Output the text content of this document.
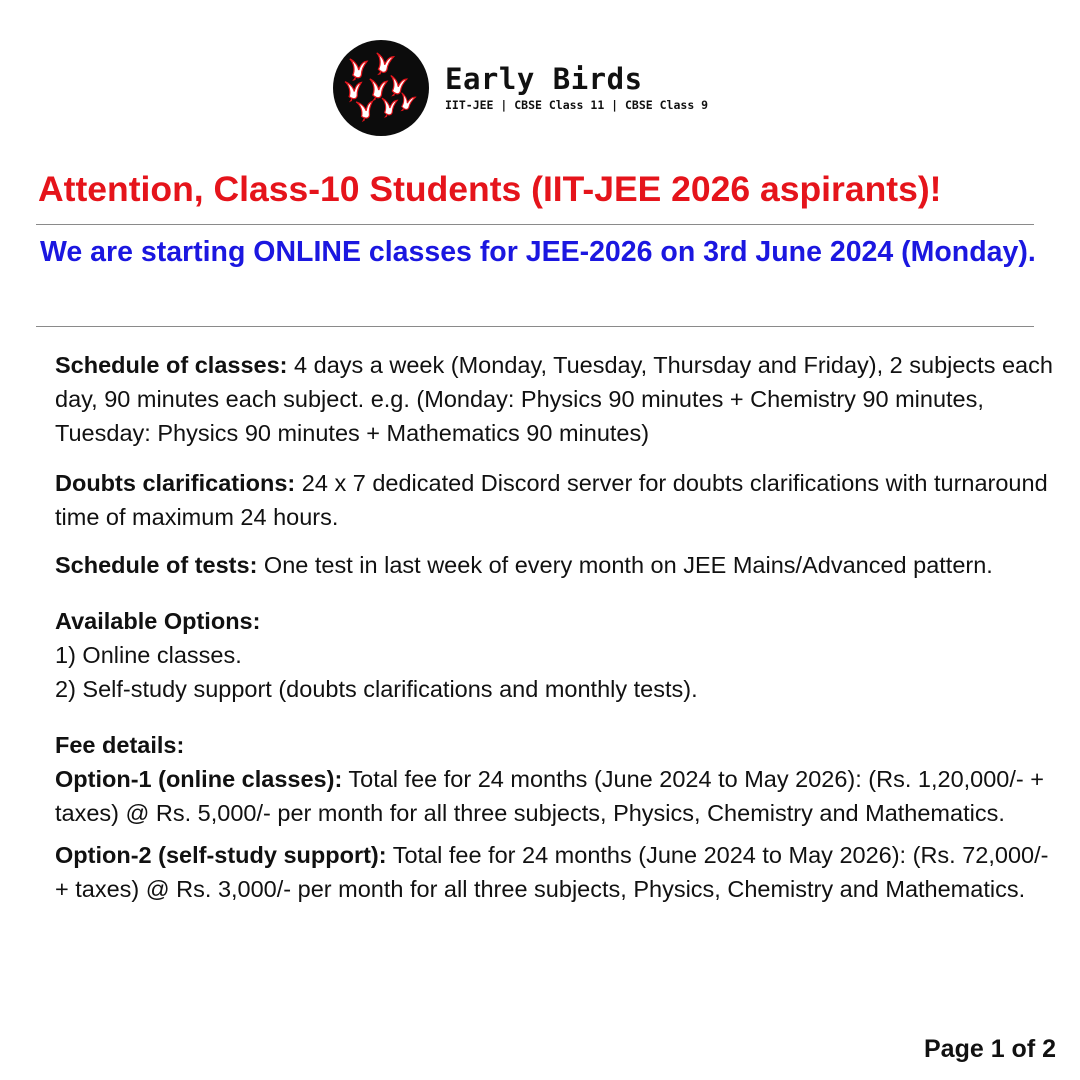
Early Birds
IIT-JEE | CBSE Class 11 | CBSE Class 9
Attention, Class-10 Students (IIT-JEE 2026 aspirants)!
We are starting ONLINE classes for JEE-2026 on 3rd June 2024 (Monday).

Schedule of classes: 4 days a week (Monday, Tuesday, Thursday and Friday), 2 subjects each day, 90 minutes each subject. e.g. (Monday: Physics 90 minutes + Chemistry 90 minutes, Tuesday: Physics 90 minutes + Mathematics 90 minutes)

Doubts clarifications: 24 x 7 dedicated Discord server for doubts clarifications with turnaround time of maximum 24 hours.

Schedule of tests: One test in last week of every month on JEE Mains/Advanced pattern.

Available Options:

1) Online classes.

2) Self-study support (doubts clarifications and monthly tests).

Fee details:

Option-1 (online classes): Total fee for 24 months (June 2024 to May 2026): (Rs. 1,20,000/- + taxes) @ Rs. 5,000/- per month for all three subjects, Physics, Chemistry and Mathematics.

Option-2 (self-study support): Total fee for 24 months (June 2024 to May 2026): (Rs. 72,000/- + taxes) @ Rs. 3,000/- per month for all three subjects, Physics, Chemistry and Mathematics.

Page 1 of 2
